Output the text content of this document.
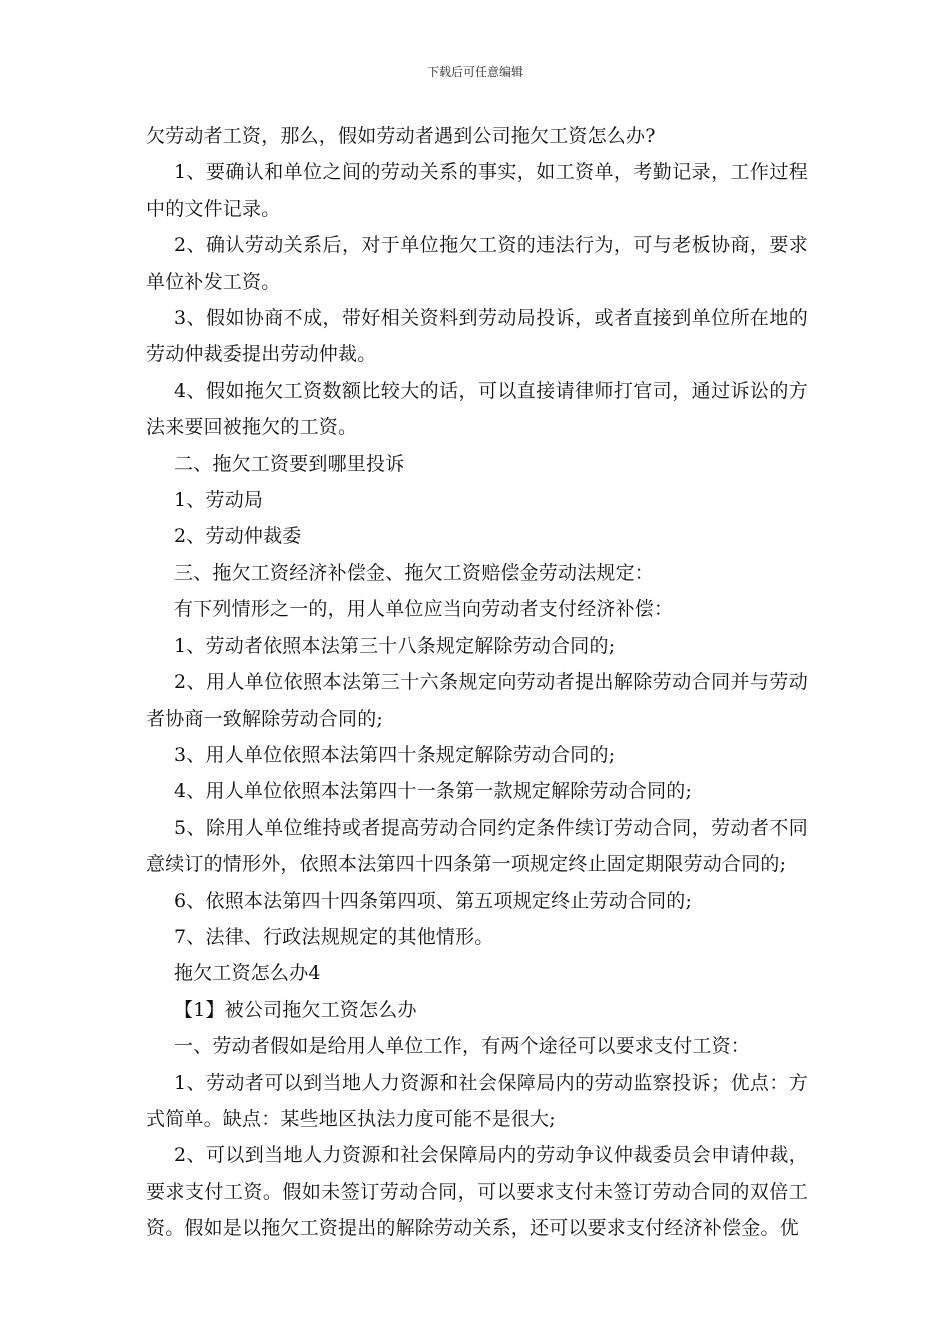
下载后可任意编辑

欠劳动者工资，那么，假如劳动者遇到公司拖欠工资怎么办?

1、要确认和单位之间的劳动关系的事实，如工资单，考勤记录，工作过程中的文件记录。

2、确认劳动关系后，对于单位拖欠工资的违法行为，可与老板协商，要求单位补发工资。

3、假如协商不成，带好相关资料到劳动局投诉，或者直接到单位所在地的劳动仲裁委提出劳动仲裁。

4、假如拖欠工资数额比较大的话，可以直接请律师打官司，通过诉讼的方法来要回被拖欠的工资。

二、拖欠工资要到哪里投诉

1、劳动局

2、劳动仲裁委

三、拖欠工资经济补偿金、拖欠工资赔偿金劳动法规定：

有下列情形之一的，用人单位应当向劳动者支付经济补偿：

1、劳动者依照本法第三十八条规定解除劳动合同的;

2、用人单位依照本法第三十六条规定向劳动者提出解除劳动合同并与劳动者协商一致解除劳动合同的;

3、用人单位依照本法第四十条规定解除劳动合同的;

4、用人单位依照本法第四十一条第一款规定解除劳动合同的;

5、除用人单位维持或者提高劳动合同约定条件续订劳动合同，劳动者不同意续订的情形外，依照本法第四十四条第一项规定终止固定期限劳动合同的;

6、依照本法第四十四条第四项、第五项规定终止劳动合同的;

7、法律、行政法规规定的其他情形。

拖欠工资怎么办4

【1】被公司拖欠工资怎么办

一、劳动者假如是给用人单位工作，有两个途径可以要求支付工资：

1、劳动者可以到当地人力资源和社会保障局内的劳动监察投诉；优点：方式简单。缺点：某些地区执法力度可能不是很大;

2、可以到当地人力资源和社会保障局内的劳动争议仲裁委员会申请仲裁，要求支付工资。假如未签订劳动合同，可以要求支付未签订劳动合同的双倍工资。假如是以拖欠工资提出的解除劳动关系，还可以要求支付经济补偿金。优
